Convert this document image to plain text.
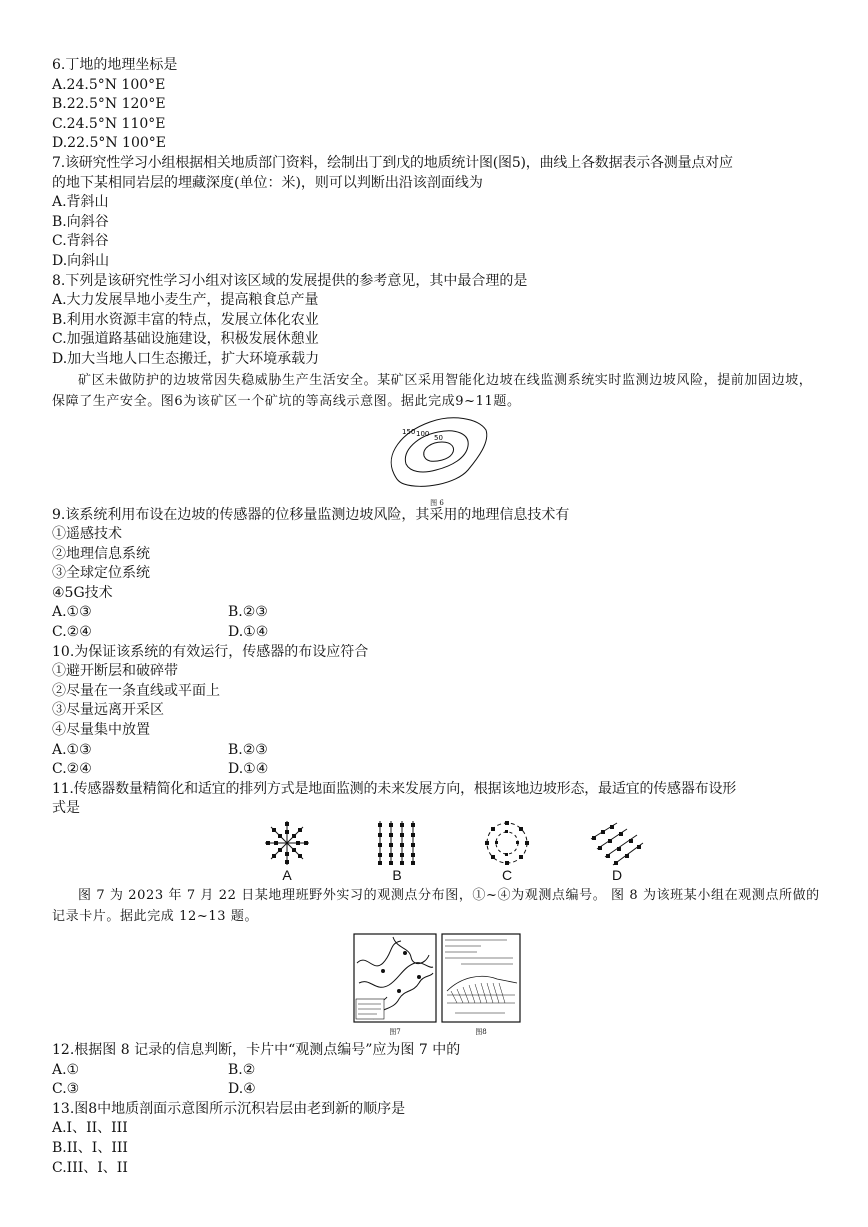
6.丁地的地理坐标是
A.24.5°N 100°E
B.22.5°N 120°E
C.24.5°N 110°E
D.22.5°N 100°E
7.该研究性学习小组根据相关地质部门资料，绘制出丁到戊的地质统计图(图5)，曲线上各数据表示各测量点对应
的地下某相同岩层的埋藏深度(单位：米)，则可以判断出沿该剖面线为
A.背斜山
B.向斜谷
C.背斜谷
D.向斜山
8.下列是该研究性学习小组对该区域的发展提供的参考意见，其中最合理的是
A.大力发展旱地小麦生产，提高粮食总产量
B.利用水资源丰富的特点，发展立体化农业
C.加强道路基础设施建设，积极发展休憩业
D.加大当地人口生态搬迁，扩大环境承载力
矿区未做防护的边坡常因失稳威胁生产生活安全。某矿区采用智能化边坡在线监测系统实时监测边坡风险，提前加固边坡，保障了生产安全。图6为该矿区一个矿坑的等高线示意图。据此完成9~11题。
150 100 50
图 6
9.该系统利用布设在边坡的传感器的位移量监测边坡风险，其采用的地理信息技术有
①遥感技术
②地理信息系统
③全球定位系统
④5G技术
A.①③	B.②③
C.②④	D.①④
10.为保证该系统的有效运行，传感器的布设应符合
①避开断层和破碎带
②尽量在一条直线或平面上
③尽量远离开采区
④尽量集中放置
A.①③	B.②③
C.②④	D.①④
11.传感器数量精简化和适宜的排列方式是地面监测的未来发展方向，根据该地边坡形态，最适宜的传感器布设形
式是
A	B	C	D
图 7 为 2023 年 7 月 22 日某地理班野外实习的观测点分布图，①~④为观测点编号。 图 8 为该班某小组在观测点所做的记录卡片。据此完成 12~13 题。
图7	图8
12.根据图 8 记录的信息判断，卡片中“观测点编号”应为图 7 中的
A.①	B.②
C.③	D.④
13.图8中地质剖面示意图所示沉积岩层由老到新的顺序是
A.I、II、III
B.II、I、III
C.III、I、II
